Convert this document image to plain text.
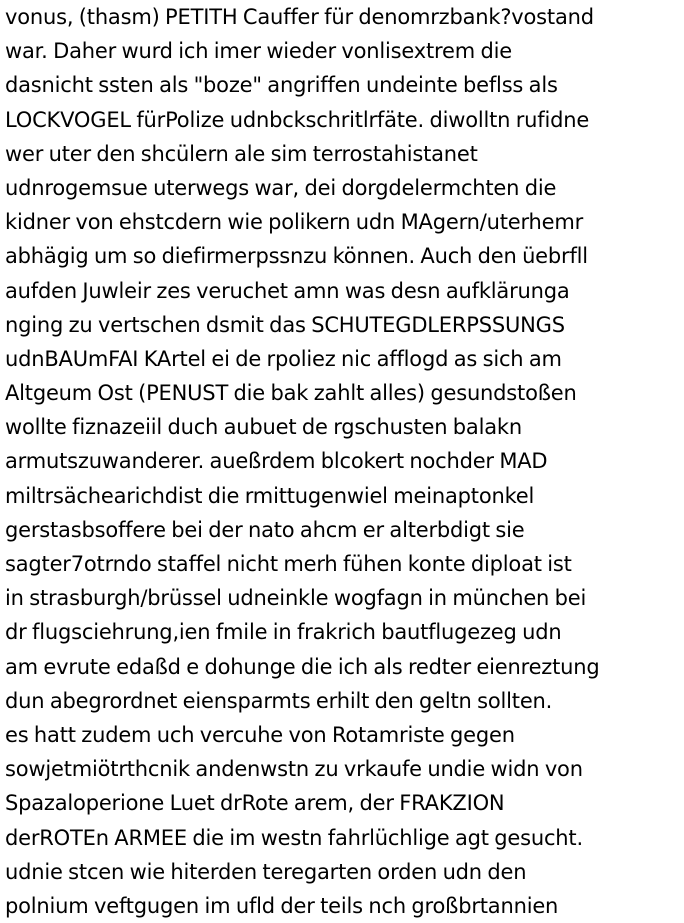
vonus, (thasm) PETITH Cauffer für denomrzbank?vostand
war. Daher wurd ich imer wieder vonlisextrem die
dasnicht ssten als "boze" angriffen undeinte beflss als
LOCKVOGEL fürPolize udnbckschritlrfäte. diwolltn rufidne
wer uter den shcülern ale sim terrostahistanet
udnrogemsue uterwegs war, dei dorgdelermchten die
kidner von ehstcdern wie polikern udn MAgern/uterhemr
abhägig um so diefirmerpssnzu können. Auch den üebrfll
aufden Juwleir zes veruchet amn was desn aufklärunga
nging zu vertschen dsmit das SCHUTEGDLERPSSUNGS
udnBAUmFAI KArtel ei de rpoliez nic afflogd as sich am
Altgeum Ost (PENUST die bak zahlt alles) gesundstoßen
wollte fiznazeiil duch aubuet de rgschusten balakn
armutszuwanderer. aueßrdem blcokert nochder MAD
miltrsächearichdist die rmittugenwiel meinaptonkel
gerstasbsoffere bei der nato ahcm er alterbdigt sie
sagter7otrndo staffel nicht merh fühen konte diploat ist
in strasburgh/brüssel udneinkle wogfagn in münchen bei
dr flugsciehrung,ien fmile in frakrich bautflugezeg udn
am evrute edaßd e dohunge die ich als redter eienreztung
dun abegrordnet eiensparmts erhilt den geltn sollten.
es hatt zudem uch vercuhe von Rotamriste gegen
sowjetmiötrthcnik andenwstn zu vrkaufe undie widn von
Spazaloperione Luet drRote arem, der FRAKZION
derROTEn ARMEE die im westn fahrlüchlige agt gesucht.
udnie stcen wie hiterden teregarten orden udn den
polnium veftgugen im ufld der teils nch großbrtannien
